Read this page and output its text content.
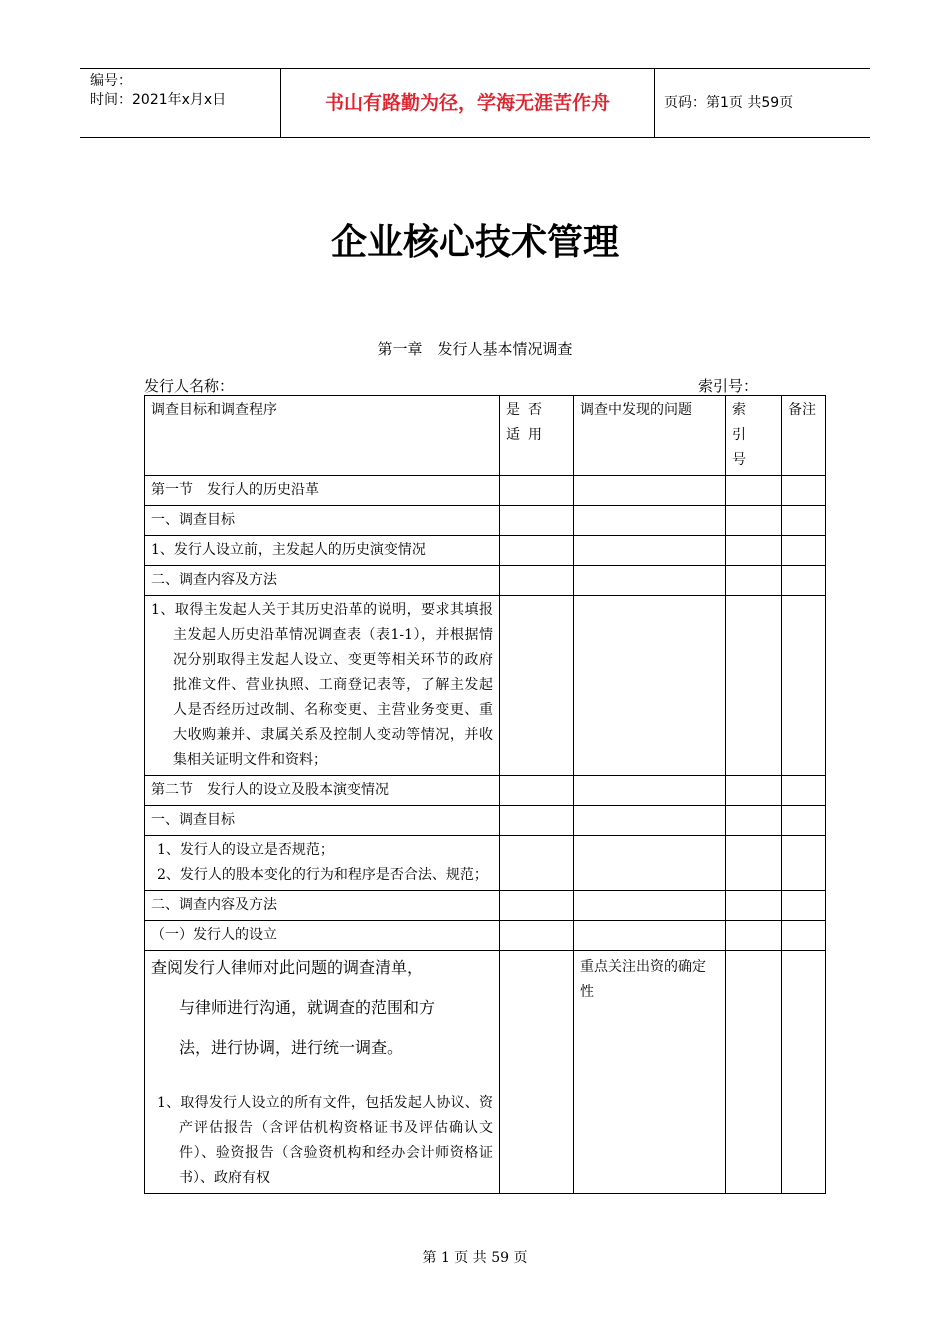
编号：
时间：2021年x月x日	书山有路勤为径，学海无涯苦作舟	页码：第1页 共59页
企业核心技术管理
第一章　发行人基本情况调查
发行人名称：	索引号：
调查目标和调查程序	是否适用	调查中发现的问题	索引号	备注
第一节　发行人的历史沿革				
一、调查目标				
1、发行人设立前，主发起人的历史演变情况				
二、调查内容及方法				
1、取得主发起人关于其历史沿革的说明，要求其填报主发起人历史沿革情况调查表（表1-1），并根据情况分别取得主发起人设立、变更等相关环节的政府批准文件、营业执照、工商登记表等，了解主发起人是否经历过改制、名称变更、主营业务变更、重大收购兼并、隶属关系及控制人变动等情况，并收集相关证明文件和资料；				
第二节　发行人的设立及股本演变情况				
一、调查目标				

1、发行人的设立是否规范；
2、发行人的股本变化的行为和程序是否合法、规范；				

二、调查内容及方法				
（一）发行人的设立				

查阅发行人律师对此问题的调查清单，

与律师进行沟通，就调查的范围和方

法，进行协调，进行统一调查。

1、取得发行人设立的所有文件，包括发起人协议、资产评估报告（含评估机构资格证书及评估确认文件）、验资报告（含验资机构和经办会计师资格证书）、政府有权		重点关注出资的确定性		
第 1 页 共 59 页
